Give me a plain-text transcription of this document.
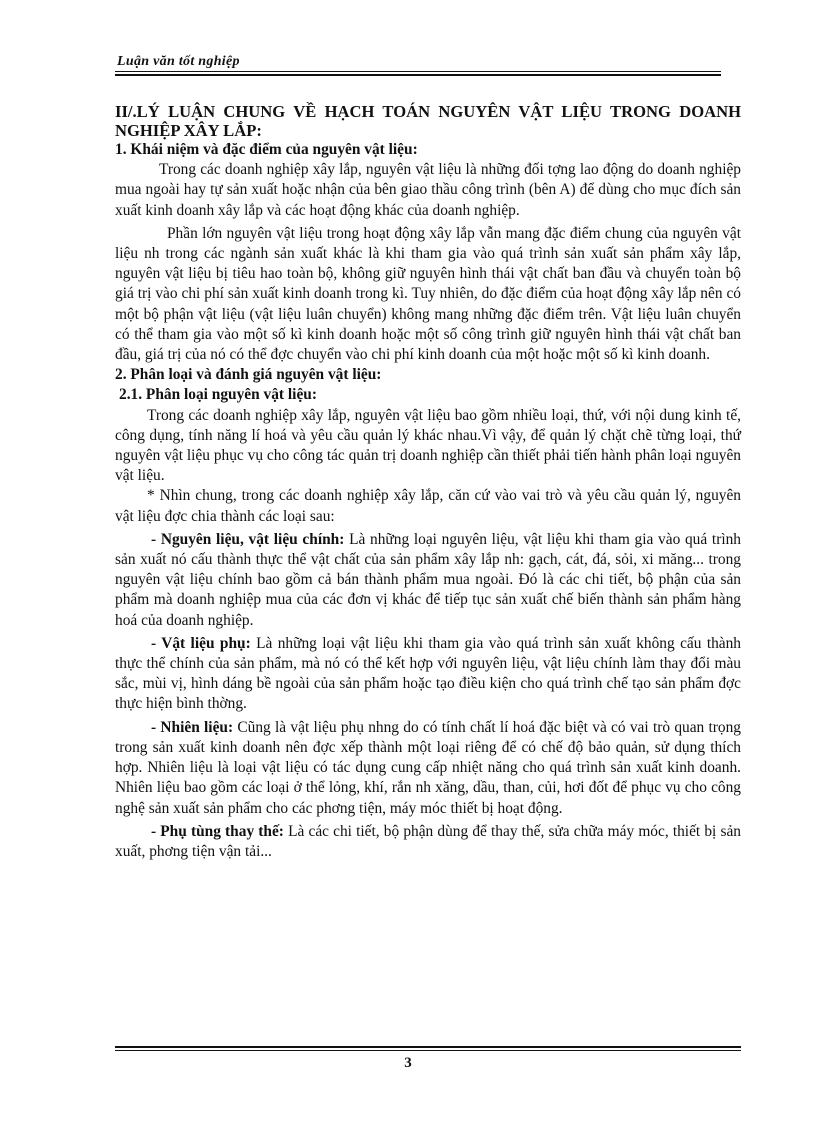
Luận văn tốt nghiệp

II/.LÝ LUẬN CHUNG VỀ HẠCH TOÁN NGUYÊN VẬT LIỆU TRONG DOANH NGHIỆP XÂY LẮP:

1. Khái niệm và đặc điểm của nguyên vật liệu:

Trong các doanh nghiệp xây lắp, nguyên vật liệu là những đối tợng lao động do doanh nghiệp mua ngoài hay tự sản xuất hoặc nhận của bên giao thầu công trình (bên A) để dùng cho mục đích sản xuất kinh doanh xây lắp và các hoạt động khác của doanh nghiệp.

Phần lớn nguyên vật liệu trong hoạt động xây lắp vẫn mang đặc điểm chung của nguyên vật liệu nh trong các ngành sản xuất khác là khi tham gia vào quá trình sản xuất sản phẩm xây lắp, nguyên vật liệu bị tiêu hao toàn bộ, không giữ nguyên hình thái vật chất ban đầu và chuyển toàn bộ giá trị vào chi phí sản xuất kinh doanh trong kì. Tuy nhiên, do đặc điểm của hoạt động xây lắp nên có một bộ phận vật liệu (vật liệu luân chuyển) không mang những đặc điểm trên. Vật liệu luân chuyển có thể tham gia vào một số kì kinh doanh hoặc một số công trình giữ nguyên hình thái vật chất ban đầu, giá trị của nó có thể đợc chuyển vào chi phí kinh doanh của một hoặc một số kì kinh doanh.

2. Phân loại và đánh giá nguyên vật liệu:

2.1. Phân loại nguyên vật liệu:

Trong các doanh nghiệp xây lắp, nguyên vật liệu bao gồm nhiều loại, thứ, với nội dung kinh tế, công dụng, tính năng lí hoá và yêu cầu quản lý khác nhau.Vì vậy, để quản lý chặt chẽ từng loại, thứ nguyên vật liệu phục vụ cho công tác quản trị doanh nghiệp cần thiết phải tiến hành phân loại nguyên vật liệu.

* Nhìn chung, trong các doanh nghiệp xây lắp, căn cứ vào vai trò và yêu cầu quản lý, nguyên vật liệu đợc chia thành các loại sau:

- Nguyên liệu, vật liệu chính: Là những loại nguyên liệu, vật liệu khi tham gia vào quá trình sản xuất nó cấu thành thực thể vật chất của sản phẩm xây lắp nh: gạch, cát, đá, sỏi, xi măng... trong nguyên vật liệu chính bao gồm cả bán thành phẩm mua ngoài. Đó là các chi tiết, bộ phận của sản phẩm mà doanh nghiệp mua của các đơn vị khác để tiếp tục sản xuất chế biến thành sản phẩm hàng hoá của doanh nghiệp.

- Vật liệu phụ: Là những loại vật liệu khi tham gia vào quá trình sản xuất không cấu thành thực thể chính của sản phẩm, mà nó có thể kết hợp với nguyên liệu, vật liệu chính làm thay đổi màu sắc, mùi vị, hình dáng bề ngoài của sản phẩm hoặc tạo điều kiện cho quá trình chế tạo sản phẩm đợc thực hiện bình thờng.

- Nhiên liệu: Cũng là vật liệu phụ nhng do có tính chất lí hoá đặc biệt và có vai trò quan trọng trong sản xuất kinh doanh nên đợc xếp thành một loại riêng để có chế độ bảo quản, sử dụng thích hợp. Nhiên liệu là loại vật liệu có tác dụng cung cấp nhiệt năng cho quá trình sản xuất kinh doanh. Nhiên liệu bao gồm các loại ở thể lỏng, khí, rắn nh xăng, dầu, than, củi, hơi đốt để phục vụ cho công nghệ sản xuất sản phẩm cho các phơng tiện, máy móc thiết bị hoạt động.

- Phụ tùng thay thế: Là các chi tiết, bộ phận dùng để thay thế, sửa chữa máy móc, thiết bị sản xuất, phơng tiện vận tải...

3
